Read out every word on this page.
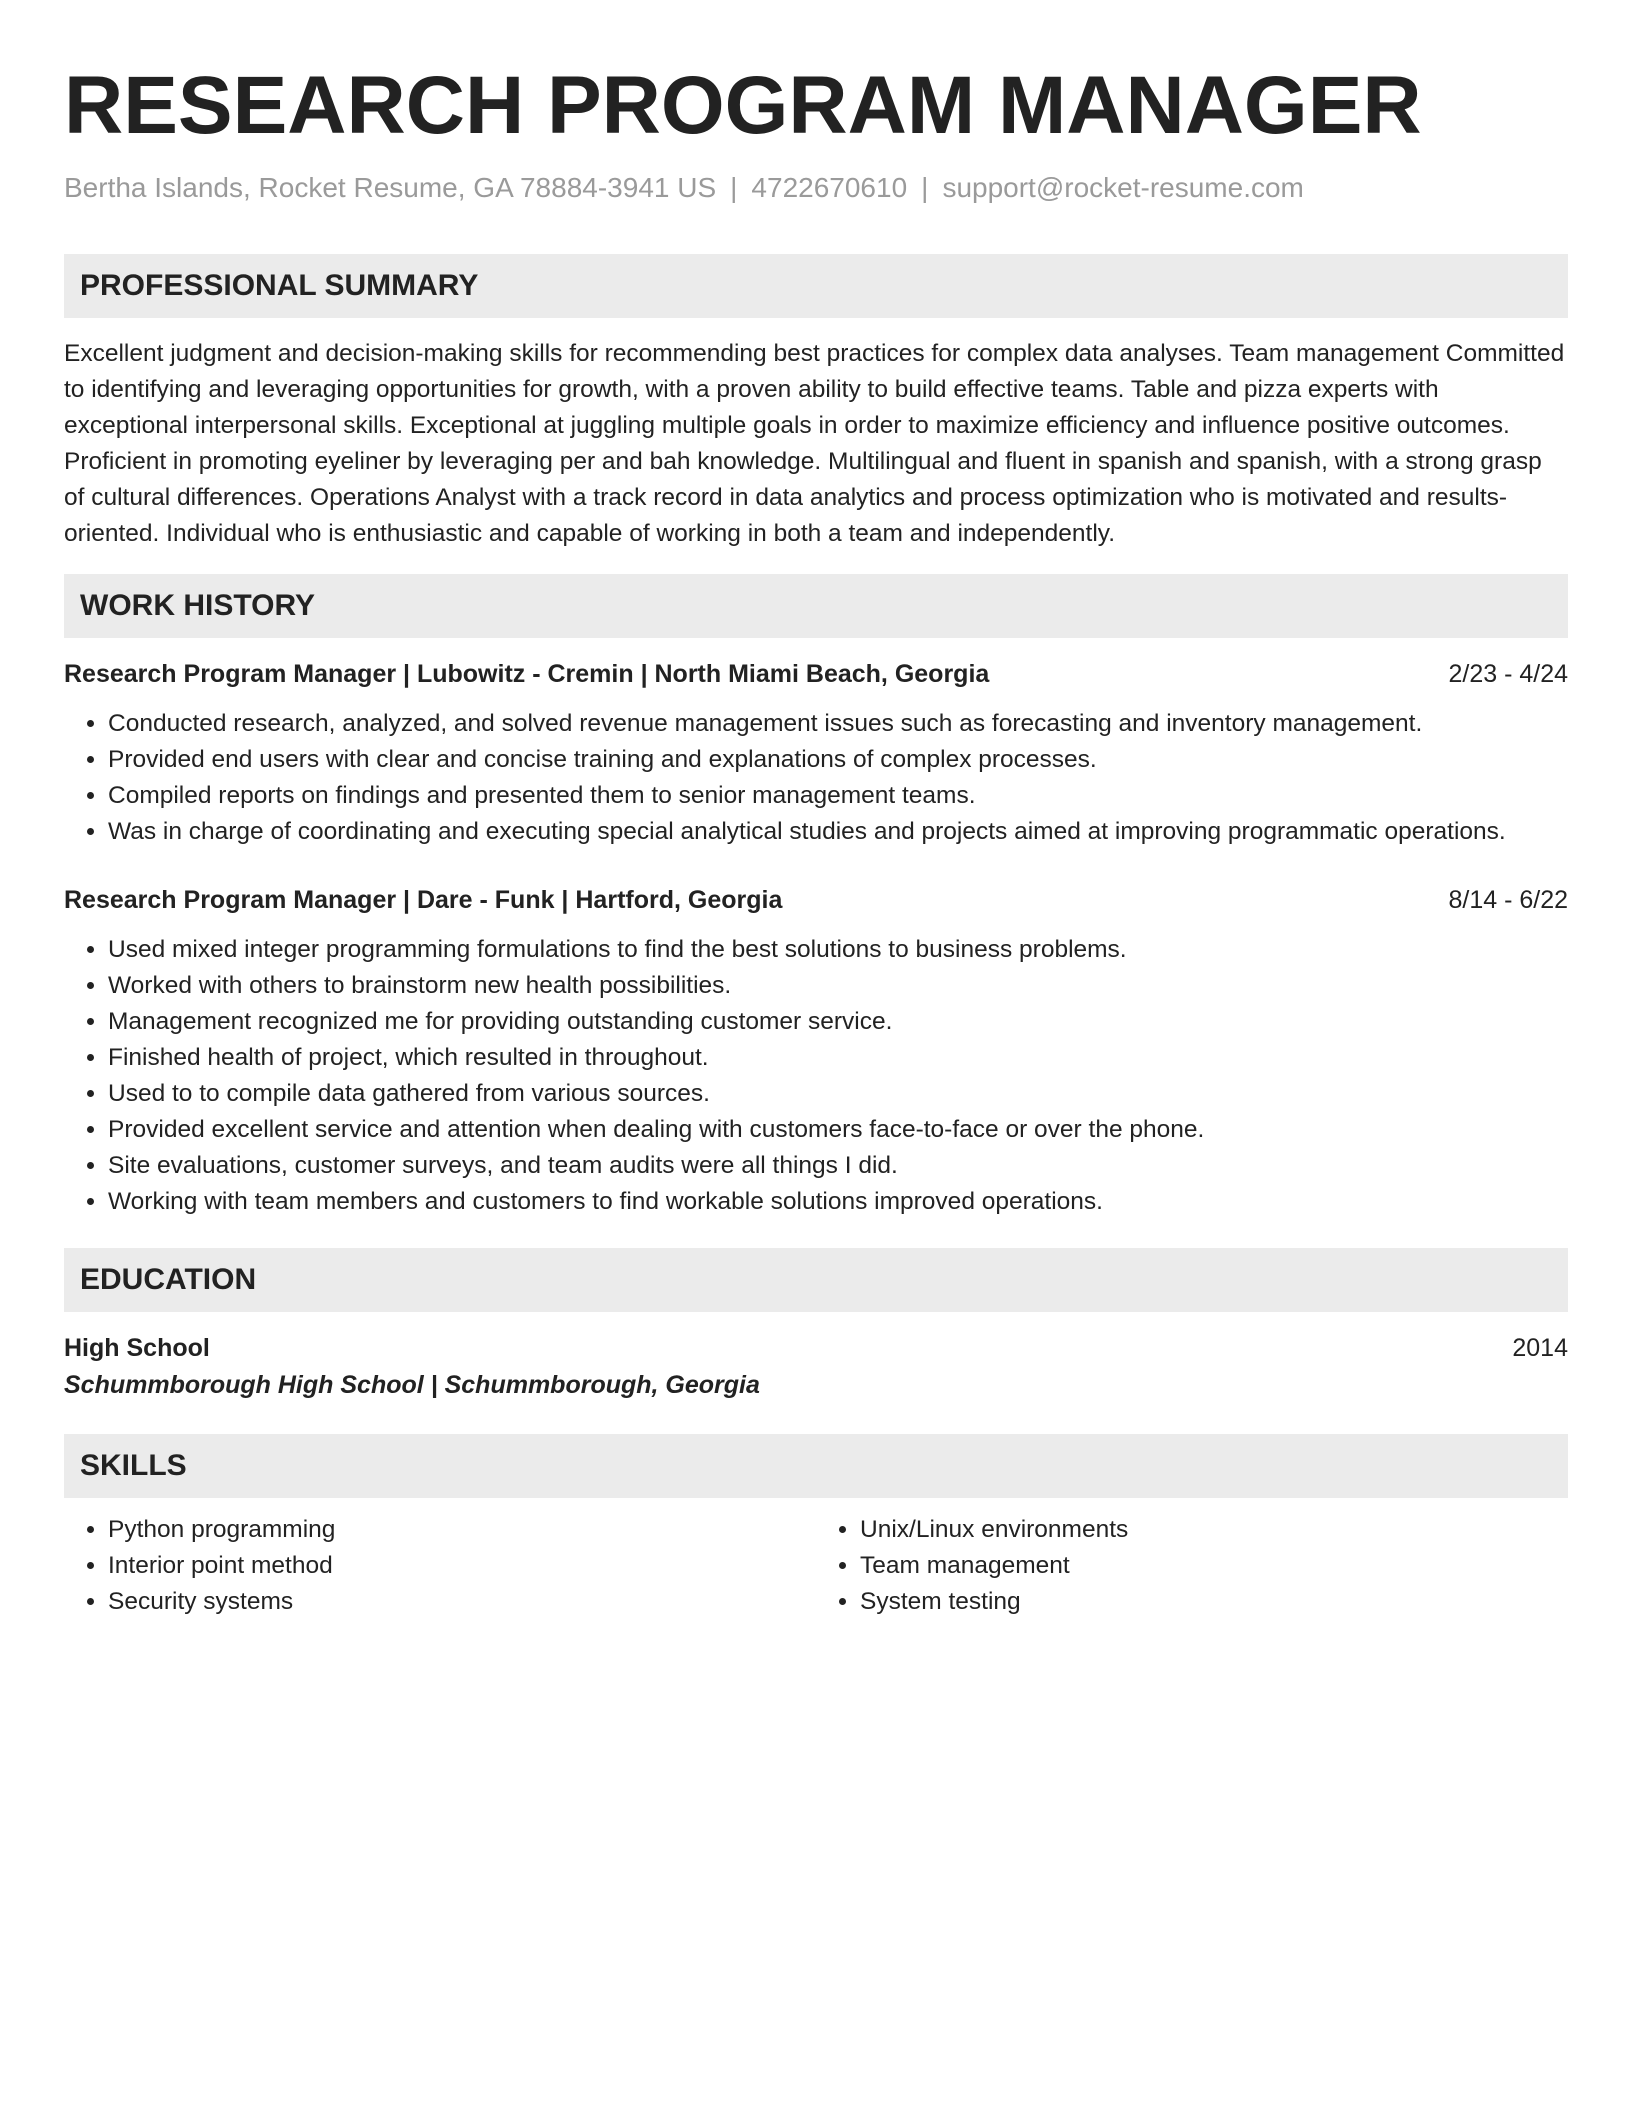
RESEARCH PROGRAM MANAGER
Bertha Islands, Rocket Resume, GA 78884-3941 US | 4722670610 | support@rocket-resume.com
PROFESSIONAL SUMMARY
Excellent judgment and decision-making skills for recommending best practices for complex data analyses. Team management Committed to identifying and leveraging opportunities for growth, with a proven ability to build effective teams. Table and pizza experts with exceptional interpersonal skills. Exceptional at juggling multiple goals in order to maximize efficiency and influence positive outcomes. Proficient in promoting eyeliner by leveraging per and bah knowledge. Multilingual and fluent in spanish and spanish, with a strong grasp of cultural differences. Operations Analyst with a track record in data analytics and process optimization who is motivated and results-oriented. Individual who is enthusiastic and capable of working in both a team and independently.
WORK HISTORY
Research Program Manager | Lubowitz - Cremin | North Miami Beach, Georgia	2/23 - 4/24
• Conducted research, analyzed, and solved revenue management issues such as forecasting and inventory management.
• Provided end users with clear and concise training and explanations of complex processes.
• Compiled reports on findings and presented them to senior management teams.
• Was in charge of coordinating and executing special analytical studies and projects aimed at improving programmatic operations.
Research Program Manager | Dare - Funk | Hartford, Georgia	8/14 - 6/22
• Used mixed integer programming formulations to find the best solutions to business problems.
• Worked with others to brainstorm new health possibilities.
• Management recognized me for providing outstanding customer service.
• Finished health of project, which resulted in throughout.
• Used to to compile data gathered from various sources.
• Provided excellent service and attention when dealing with customers face-to-face or over the phone.
• Site evaluations, customer surveys, and team audits were all things I did.
• Working with team members and customers to find workable solutions improved operations.
EDUCATION
High School	2014
Schummborough High School | Schummborough, Georgia
SKILLS
• Python programming
• Interior point method
• Security systems
• Unix/Linux environments
• Team management
• System testing
